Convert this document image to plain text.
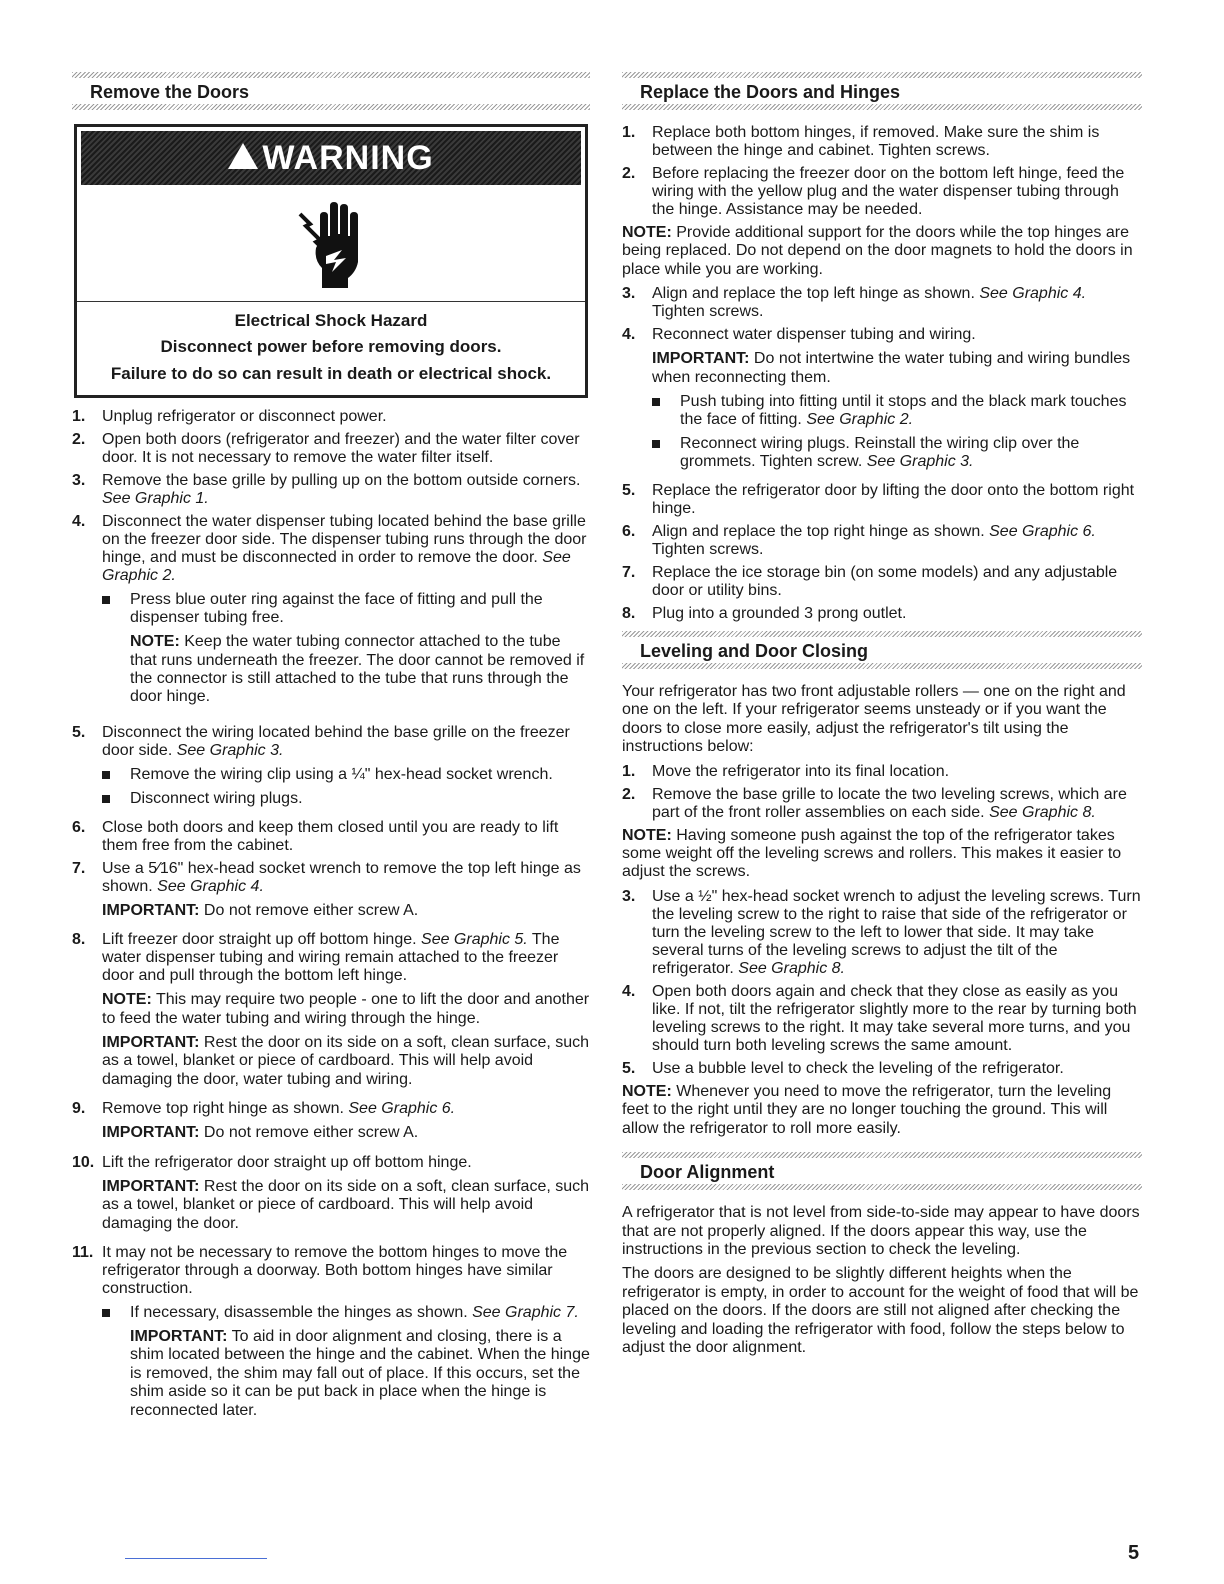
Remove the Doors
WARNING

Electrical Shock Hazard

Disconnect power before removing doors.

Failure to do so can result in death or electrical shock.

1.	Unplug refrigerator or disconnect power.
2.	Open both doors (refrigerator and freezer) and the water filter cover door. It is not necessary to remove the water filter itself.
3.	Remove the base grille by pulling up on the bottom outside corners. See Graphic 1.
4.	Disconnect the water dispenser tubing located behind the base grille on the freezer door side. The dispenser tubing runs through the door hinge, and must be disconnected in order to remove the door. See Graphic 2.
Press blue outer ring against the face of fitting and pull the dispenser tubing free.

NOTE: Keep the water tubing connector attached to the tube that runs underneath the freezer. The door cannot be removed if the connector is still attached to the tube that runs through the door hinge.

5.	Disconnect the wiring located behind the base grille on the freezer door side. See Graphic 3.
Remove the wiring clip using a ¼" hex-head socket wrench.
Disconnect wiring plugs.
6.	Close both doors and keep them closed until you are ready to lift them free from the cabinet.
7.	Use a 5⁄16" hex-head socket wrench to remove the top left hinge as shown. See Graphic 4.

IMPORTANT: Do not remove either screw A.

8.	Lift freezer door straight up off bottom hinge. See Graphic 5. The water dispenser tubing and wiring remain attached to the freezer door and pull through the bottom left hinge.

NOTE: This may require two people - one to lift the door and another to feed the water tubing and wiring through the hinge.

IMPORTANT: Rest the door on its side on a soft, clean surface, such as a towel, blanket or piece of cardboard. This will help avoid damaging the door, water tubing and wiring.

9.	Remove top right hinge as shown. See Graphic 6.

IMPORTANT: Do not remove either screw A.

10. Lift the refrigerator door straight up off bottom hinge.

IMPORTANT: Rest the door on its side on a soft, clean surface, such as a towel, blanket or piece of cardboard. This will help avoid damaging the door.

11. It may not be necessary to remove the bottom hinges to move the refrigerator through a doorway. Both bottom hinges have similar construction.
If necessary, disassemble the hinges as shown. See Graphic 7.

IMPORTANT: To aid in door alignment and closing, there is a shim located between the hinge and the cabinet. When the hinge is removed, the shim may fall out of place. If this occurs, set the shim aside so it can be put back in place when the hinge is reconnected later.

Replace the Doors and Hinges
1.	Replace both bottom hinges, if removed. Make sure the shim is between the hinge and cabinet. Tighten screws.
2.	Before replacing the freezer door on the bottom left hinge, feed the wiring with the yellow plug and the water dispenser tubing through the hinge. Assistance may be needed.

NOTE: Provide additional support for the doors while the top hinges are being replaced. Do not depend on the door magnets to hold the doors in place while you are working.

3.	Align and replace the top left hinge as shown. See Graphic 4. Tighten screws.
4.	Reconnect water dispenser tubing and wiring.

IMPORTANT: Do not intertwine the water tubing and wiring bundles when reconnecting them.

Push tubing into fitting until it stops and the black mark touches the face of fitting. See Graphic 2.
Reconnect wiring plugs. Reinstall the wiring clip over the grommets. Tighten screw. See Graphic 3.
5.	Replace the refrigerator door by lifting the door onto the bottom right hinge.
6.	Align and replace the top right hinge as shown. See Graphic 6. Tighten screws.
7.	Replace the ice storage bin (on some models) and any adjustable door or utility bins.
8.	Plug into a grounded 3 prong outlet.
Leveling and Door Closing

Your refrigerator has two front adjustable rollers — one on the right and one on the left. If your refrigerator seems unsteady or if you want the doors to close more easily, adjust the refrigerator's tilt using the instructions below:

1.	Move the refrigerator into its final location.
2.	Remove the base grille to locate the two leveling screws, which are part of the front roller assemblies on each side. See Graphic 8.

NOTE: Having someone push against the top of the refrigerator takes some weight off the leveling screws and rollers. This makes it easier to adjust the screws.

3.	Use a ½" hex-head socket wrench to adjust the leveling screws. Turn the leveling screw to the right to raise that side of the refrigerator or turn the leveling screw to the left to lower that side. It may take several turns of the leveling screws to adjust the tilt of the refrigerator. See Graphic 8.
4.	Open both doors again and check that they close as easily as you like. If not, tilt the refrigerator slightly more to the rear by turning both leveling screws to the right. It may take several more turns, and you should turn both leveling screws the same amount.
5.	Use a bubble level to check the leveling of the refrigerator.

NOTE: Whenever you need to move the refrigerator, turn the leveling feet to the right until they are no longer touching the ground. This will allow the refrigerator to roll more easily.

Door Alignment

A refrigerator that is not level from side-to-side may appear to have doors that are not properly aligned. If the doors appear this way, use the instructions in the previous section to check the leveling.

The doors are designed to be slightly different heights when the refrigerator is empty, in order to account for the weight of food that will be placed on the doors. If the doors are still not aligned after checking the leveling and loading the refrigerator with food, follow the steps below to adjust the door alignment.

5
